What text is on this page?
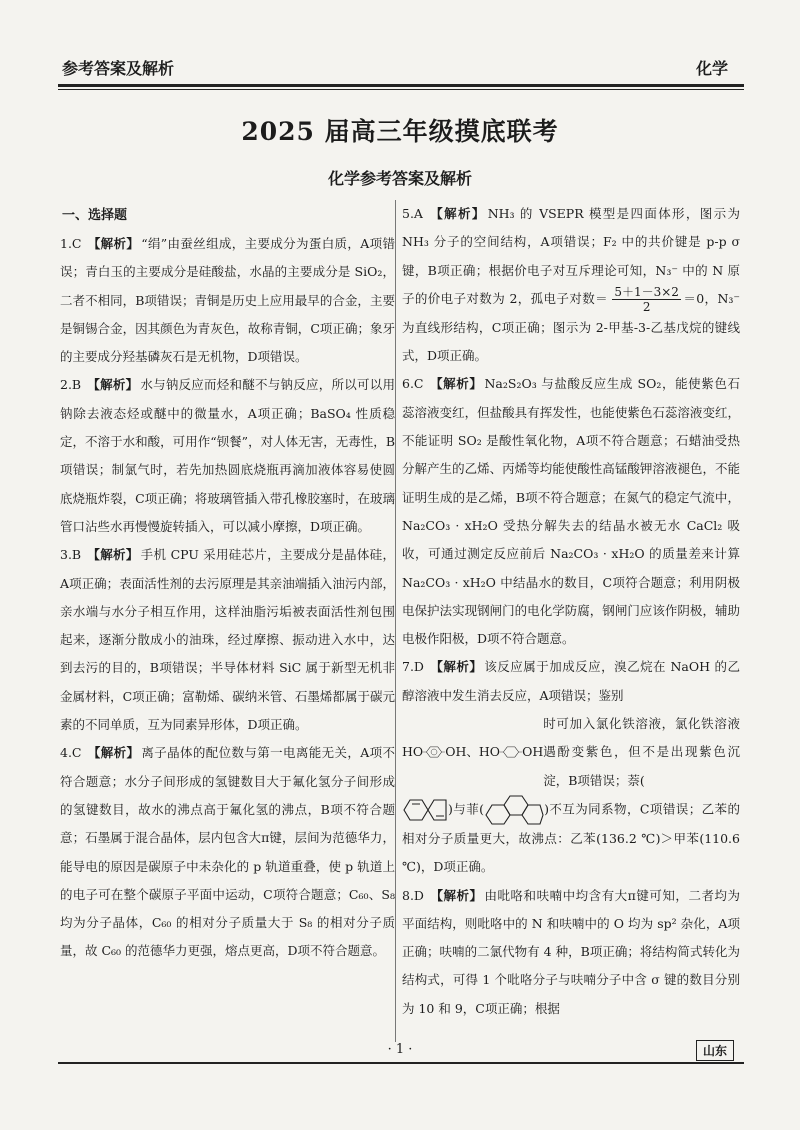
参考答案及解析	化学
2025 届高三年级摸底联考
化学参考答案及解析
一、选择题

1.C 【解析】 “绢”由蚕丝组成，主要成分为蛋白质，A项错误；青白玉的主要成分是硅酸盐，水晶的主要成分是 SiO₂，二者不相同，B项错误；青铜是历史上应用最早的合金，主要是铜锡合金，因其颜色为青灰色，故称青铜，C项正确；象牙的主要成分羟基磷灰石是无机物，D项错误。

2.B 【解析】 水与钠反应而烃和醚不与钠反应，所以可以用钠除去液态烃或醚中的微量水，A项正确；BaSO₄ 性质稳定，不溶于水和酸，可用作“钡餐”，对人体无害，无毒性，B项错误；制氯气时，若先加热圆底烧瓶再滴加液体容易使圆底烧瓶炸裂，C项正确；将玻璃管插入带孔橡胶塞时，在玻璃管口沾些水再慢慢旋转插入，可以减小摩擦，D项正确。

3.B 【解析】 手机 CPU 采用硅芯片，主要成分是晶体硅，A项正确；表面活性剂的去污原理是其亲油端插入油污内部，亲水端与水分子相互作用，这样油脂污垢被表面活性剂包围起来，逐渐分散成小的油珠，经过摩擦、振动进入水中，达到去污的目的，B项错误；半导体材料 SiC 属于新型无机非金属材料，C项正确；富勒烯、碳纳米管、石墨烯都属于碳元素的不同单质，互为同素异形体，D项正确。

4.C 【解析】 离子晶体的配位数与第一电离能无关，A项不符合题意；水分子间形成的氢键数目大于氟化氢分子间形成的氢键数目，故水的沸点高于氟化氢的沸点，B项不符合题意；石墨属于混合晶体，层内包含大π键，层间为范德华力，能导电的原因是碳原子中未杂化的 p 轨道重叠，使 p 轨道上的电子可在整个碳原子平面中运动，C项符合题意；C₆₀、S₈ 均为分子晶体，C₆₀ 的相对分子质量大于 S₈ 的相对分子质量，故 C₆₀ 的范德华力更强，熔点更高，D项不符合题意。

5.A 【解析】 NH₃ 的 VSEPR 模型是四面体形，图示为 NH₃ 分子的空间结构，A项错误；F₂ 中的共价键是 p-p σ 键，B项正确；根据价电子对互斥理论可知，N₃⁻ 中的 N 原子的价电子对数为 2，孤电子对数＝ $\frac{5+1-3\times 2}{2} =0$，N₃⁻ 为直线形结构，C项正确；图示为 2-甲基-3-乙基戊烷的键线式，D项正确。

6.C 【解析】 Na₂S₂O₃ 与盐酸反应生成 SO₂，能使紫色石蕊溶液变红，但盐酸具有挥发性，也能使紫色石蕊溶液变红，不能证明 SO₂ 是酸性氧化物，A项不符合题意；石蜡油受热分解产生的乙烯、丙烯等均能使酸性高锰酸钾溶液褪色，不能证明生成的是乙烯，B项不符合题意；在氮气的稳定气流中，Na₂CO₃ · xH₂O 受热分解失去的结晶水被无水 CaCl₂ 吸收，可通过测定反应前后 Na₂CO₃ · xH₂O 的质量差来计算 Na₂CO₃ · xH₂O 中结晶水的数目，C项符合题意；利用阴极电保护法实现钢闸门的电化学防腐，钢闸门应该作阴极，辅助电极作阳极，D项不符合题意。

7.D 【解析】 该反应属于加成反应，溴乙烷在 NaOH 的乙醇溶液中发生消去反应，A项错误；鉴别
HO OH 、 HO OH
时可加入氯化铁溶液，氯化铁溶液遇酚变紫色，但不是出现紫色沉淀，B项错误；萘(
)与菲(	)不互为同系物，C项错误；乙苯的相对分子质量更大，故沸点：乙苯(136.2 ℃)＞甲苯(110.6 ℃)，D项正确。

8.D 【解析】 由吡咯和呋喃中均含有大π键可知，二者均为平面结构，则吡咯中的 N 和呋喃中的 O 均为 sp² 杂化，A项正确；呋喃的二氯代物有 4 种，B项正确；将结构简式转化为结构式，可得 1 个吡咯分子与呋喃分子中含 σ 键的数目分别为 10 和 9，C项正确；根据

· 1 ·	山东
